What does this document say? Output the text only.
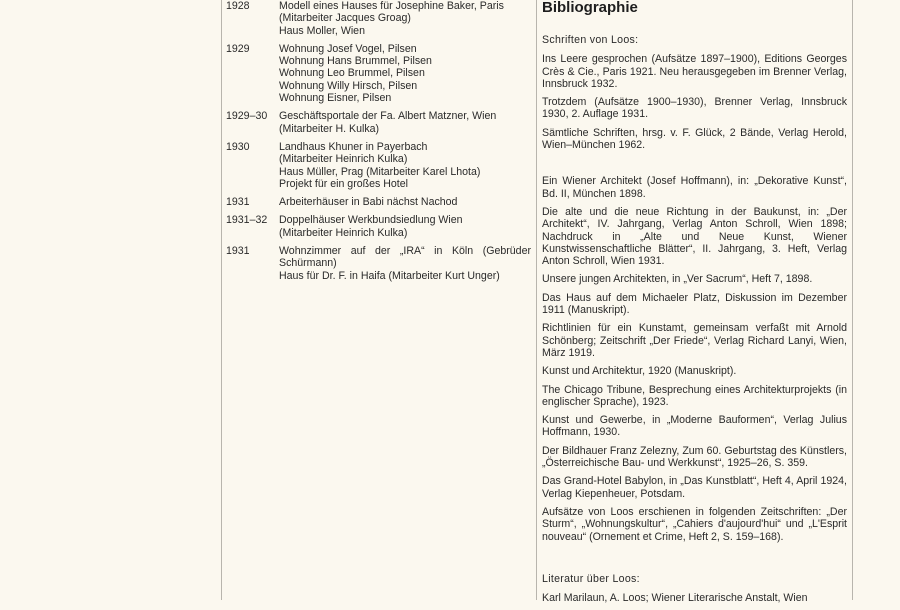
1928	Modell eines Hauses für Josephine Baker, Paris
(Mitarbeiter Jacques Groag)
Haus Moller, Wien
1929	Wohnung Josef Vogel, Pilsen
Wohnung Hans Brummel, Pilsen
Wohnung Leo Brummel, Pilsen
Wohnung Willy Hirsch, Pilsen
Wohnung Eisner, Pilsen
1929–30	Geschäftsportale der Fa. Albert Matzner, Wien
(Mitarbeiter H. Kulka)
1930	Landhaus Khuner in Payerbach
(Mitarbeiter Heinrich Kulka)
Haus Müller, Prag (Mitarbeiter Karel Lhota)
Projekt für ein großes Hotel
1931	Arbeiterhäuser in Babi nächst Nachod
1931–32	Doppelhäuser Werkbundsiedlung Wien
(Mitarbeiter Heinrich Kulka)
1931	Wohnzimmer auf der „IRA“ in Köln (Gebrüder Schürmann)
Haus für Dr. F. in Haifa (Mitarbeiter Kurt Unger)
Bibliographie
Schriften von Loos:
Ins Leere gesprochen (Aufsätze 1897–1900), Editions Georges Crès & Cie., Paris 1921. Neu herausgegeben im Brenner Verlag, Innsbruck 1932.
Trotzdem (Aufsätze 1900–1930), Brenner Verlag, Innsbruck 1930, 2. Auflage 1931.
Sämtliche Schriften, hrsg. v. F. Glück, 2 Bände, Verlag Herold, Wien–München 1962.
Ein Wiener Architekt (Josef Hoffmann), in: „Dekorative Kunst“, Bd. II, München 1898.
Die alte und die neue Richtung in der Baukunst, in: „Der Architekt“, IV. Jahrgang, Verlag Anton Schroll, Wien 1898; Nachdruck in „Alte und Neue Kunst, Wiener Kunstwissenschaftliche Blätter“, II. Jahrgang, 3. Heft, Verlag Anton Schroll, Wien 1931.
Unsere jungen Architekten, in „Ver Sacrum“, Heft 7, 1898.
Das Haus auf dem Michaeler Platz, Diskussion im Dezember 1911 (Manuskript).
Richtlinien für ein Kunstamt, gemeinsam verfaßt mit Arnold Schönberg; Zeitschrift „Der Friede“, Verlag Richard Lanyi, Wien, März 1919.
Kunst und Architektur, 1920 (Manuskript).
The Chicago Tribune, Besprechung eines Architekturprojekts (in englischer Sprache), 1923.
Kunst und Gewerbe, in „Moderne Bauformen“, Verlag Julius Hoffmann, 1930.
Der Bildhauer Franz Zelezny, Zum 60. Geburtstag des Künstlers, „Österreichische Bau- und Werkkunst“, 1925–26, S. 359.
Das Grand-Hotel Babylon, in „Das Kunstblatt“, Heft 4, April 1924, Verlag Kiepenheuer, Potsdam.
Aufsätze von Loos erschienen in folgenden Zeitschriften: „Der Sturm“, „Wohnungskultur“, „Cahiers d'aujourd'hui“ und „L'Esprit nouveau“ (Ornement et Crime, Heft 2, S. 159–168).
Literatur über Loos:
Karl Marilaun, A. Loos; Wiener Literarische Anstalt, Wien
